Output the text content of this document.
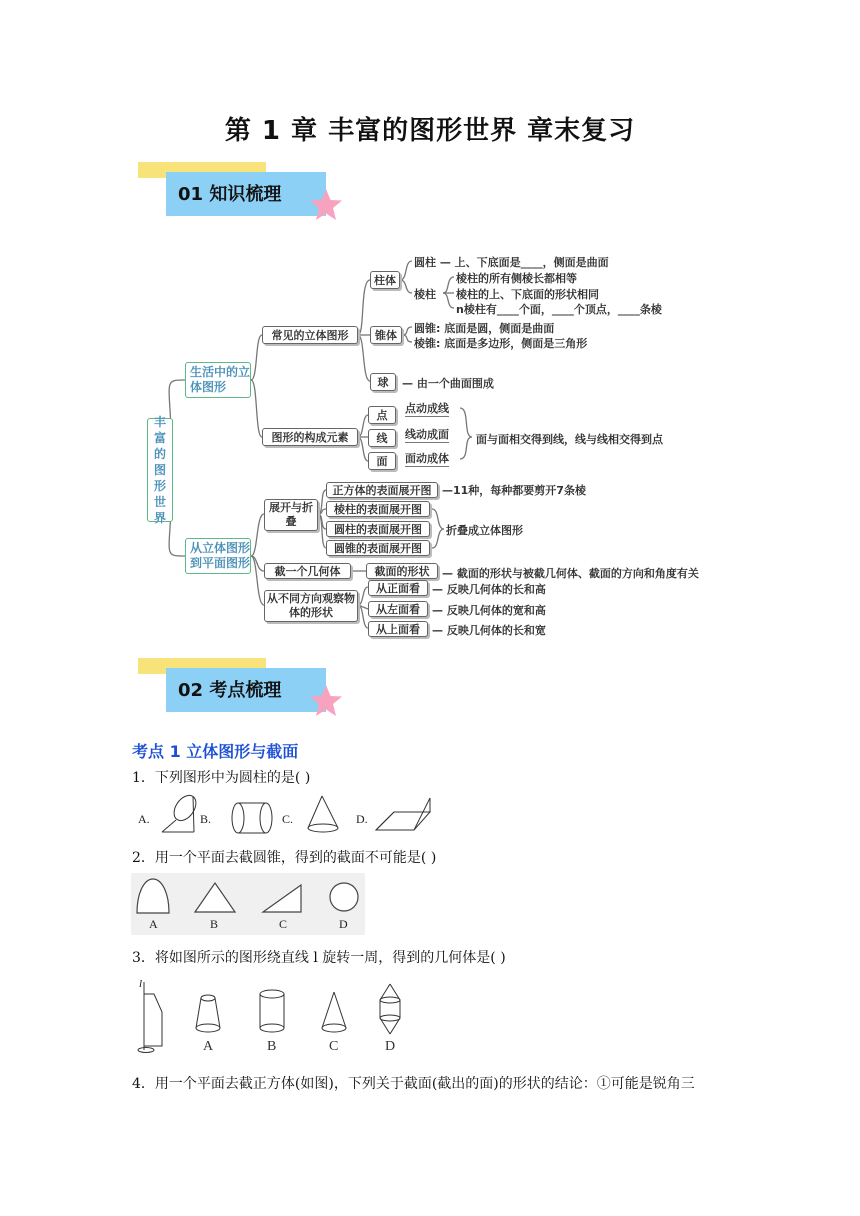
第 1 章 丰富的图形世界 章末复习
01 知识梳理
丰富的图形世界
生活中的立体图形
从立体图形到平面图形
常见的立体图形
图形的构成元素
柱体
圆柱 — 上、下底面是____，侧面是曲面
棱柱
棱柱的所有侧棱长都相等
棱柱的上、下底面的形状相同
n棱柱有____个面，____个顶点，____条棱
锥体
圆锥: 底面是圆，侧面是曲面
棱锥: 底面是多边形，侧面是三角形
球	— 由一个曲面围成
点
线
面
点动成线
线动成面
面动成体
面与面相交得到线，线与线相交得到点
展开与折叠
正方体的表面展开图 —11种，每种都要剪开7条棱
棱柱的表面展开图
圆柱的表面展开图
圆锥的表面展开图
折叠成立体图形
截一个几何体	截面的形状	— 截面的形状与被截几何体、截面的方向和角度有关
从不同方向观察物体的形状
从正面看
从左面看
从上面看
— 反映几何体的长和高
— 反映几何体的宽和高
— 反映几何体的长和宽
02 考点梳理
考点 1 立体图形与截面
1．下列图形中为圆柱的是( )
A.	B.	C.	D.
2．用一个平面去截圆锥，得到的截面不可能是( )
A	B	C	D
3．将如图所示的图形绕直线 l 旋转一周，得到的几何体是( )
l
A	B	C	D
4．用一个平面去截正方体(如图)，下列关于截面(截出的面)的形状的结论：①可能是锐角三
